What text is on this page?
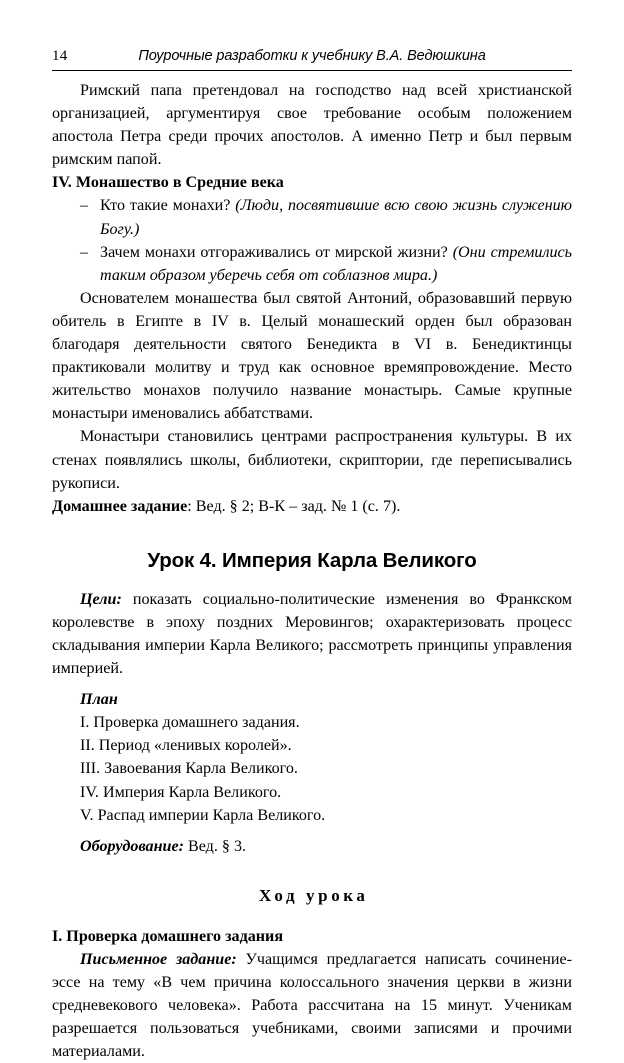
14	Поурочные разработки к учебнику В.А. Ведюшкина

Римский папа претендовал на господство над всей христианской организацией, аргументируя свое требование особым положением апостола Петра среди прочих апостолов. А именно Петр и был первым римским папой.

IV. Монашество в Средние века
– Кто такие монахи? (Люди, посвятившие всю свою жизнь служению Богу.)
– Зачем монахи отгораживались от мирской жизни? (Они стремились таким образом уберечь себя от соблазнов мира.)

Основателем монашества был святой Антоний, образовавший первую обитель в Египте в IV в. Целый монашеский орден был образован благодаря деятельности святого Бенедикта в VI в. Бенедиктинцы практиковали молитву и труд как основное времяпровождение. Место жительство монахов получило название монастырь. Самые крупные монастыри именовались аббатствами.

Монастыри становились центрами распространения культуры. В их стенах появлялись школы, библиотеки, скриптории, где переписывались рукописи.

Домашнее задание: Вед. § 2; В-К – зад. № 1 (с. 7).
Урок 4. Империя Карла Великого

Цели: показать социально-политические изменения во Франкском королевстве в эпоху поздних Меровингов; охарактеризовать процесс складывания империи Карла Великого; рассмотреть принципы управления империей.

План
I. Проверка домашнего задания.
II. Период «ленивых королей».
III. Завоевания Карла Великого.
IV. Империя Карла Великого.
V. Распад империи Карла Великого.
Оборудование: Вед. § 3.
Ход урока
I. Проверка домашнего задания

Письменное задание: Учащимся предлагается написать сочинение-эссе на тему «В чем причина колоссального значения церкви в жизни средневекового человека». Работа рассчитана на 15 минут. Ученикам разрешается пользоваться учебниками, своими записями и прочими материалами.
